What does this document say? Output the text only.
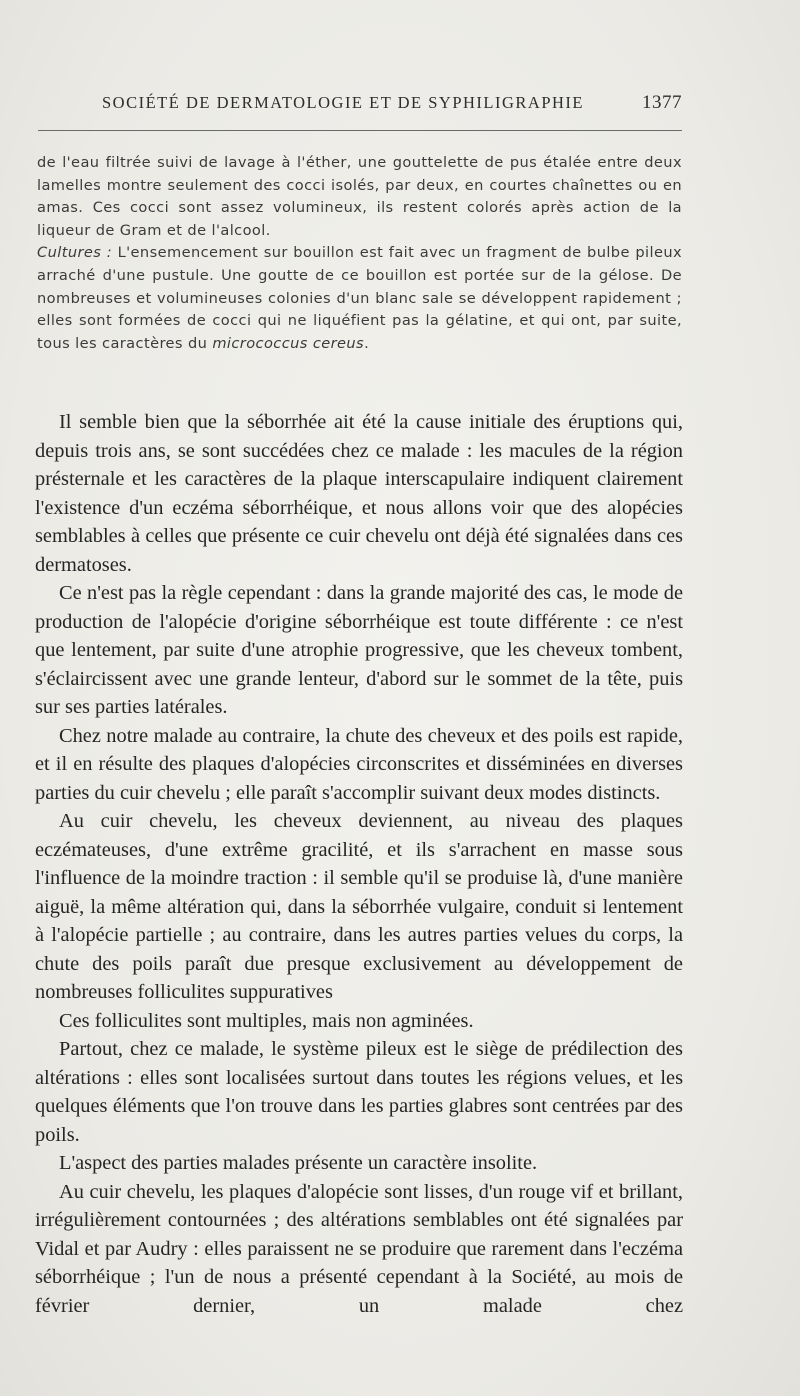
SOCIÉTÉ DE DERMATOLOGIE ET DE SYPHILIGRAPHIE	1377

de l'eau filtrée suivi de lavage à l'éther, une gouttelette de pus étalée entre deux lamelles montre seulement des cocci isolés, par deux, en courtes chaînettes ou en amas. Ces cocci sont assez volumineux, ils restent colorés après action de la liqueur de Gram et de l'alcool.

Cultures : L'ensemencement sur bouillon est fait avec un fragment de bulbe pileux arraché d'une pustule. Une goutte de ce bouillon est portée sur de la gélose. De nombreuses et volumineuses colonies d'un blanc sale se développent rapidement ; elles sont formées de cocci qui ne liquéfient pas la gélatine, et qui ont, par suite, tous les caractères du micrococcus cereus.

Il semble bien que la séborrhée ait été la cause initiale des éruptions qui, depuis trois ans, se sont succédées chez ce malade : les macules de la région présternale et les caractères de la plaque interscapulaire indiquent clairement l'existence d'un eczéma séborrhéique, et nous allons voir que des alopécies semblables à celles que présente ce cuir chevelu ont déjà été signalées dans ces dermatoses.

Ce n'est pas la règle cependant : dans la grande majorité des cas, le mode de production de l'alopécie d'origine séborrhéique est toute différente : ce n'est que lentement, par suite d'une atrophie progressive, que les cheveux tombent, s'éclaircissent avec une grande lenteur, d'abord sur le sommet de la tête, puis sur ses parties latérales.

Chez notre malade au contraire, la chute des cheveux et des poils est rapide, et il en résulte des plaques d'alopécies circonscrites et disséminées en diverses parties du cuir chevelu ; elle paraît s'accomplir suivant deux modes distincts.

Au cuir chevelu, les cheveux deviennent, au niveau des plaques eczémateuses, d'une extrême gracilité, et ils s'arrachent en masse sous l'influence de la moindre traction : il semble qu'il se produise là, d'une manière aiguë, la même altération qui, dans la séborrhée vulgaire, conduit si lentement à l'alopécie partielle ; au contraire, dans les autres parties velues du corps, la chute des poils paraît due presque exclusivement au développement de nombreuses folliculites suppuratives

Ces folliculites sont multiples, mais non agminées.

Partout, chez ce malade, le système pileux est le siège de prédilection des altérations : elles sont localisées surtout dans toutes les régions velues, et les quelques éléments que l'on trouve dans les parties glabres sont centrées par des poils.

L'aspect des parties malades présente un caractère insolite.

Au cuir chevelu, les plaques d'alopécie sont lisses, d'un rouge vif et brillant, irrégulièrement contournées ; des altérations semblables ont été signalées par Vidal et par Audry : elles paraissent ne se produire que rarement dans l'eczéma séborrhéique ; l'un de nous a présenté cependant à la Société, au mois de février dernier, un malade chez
